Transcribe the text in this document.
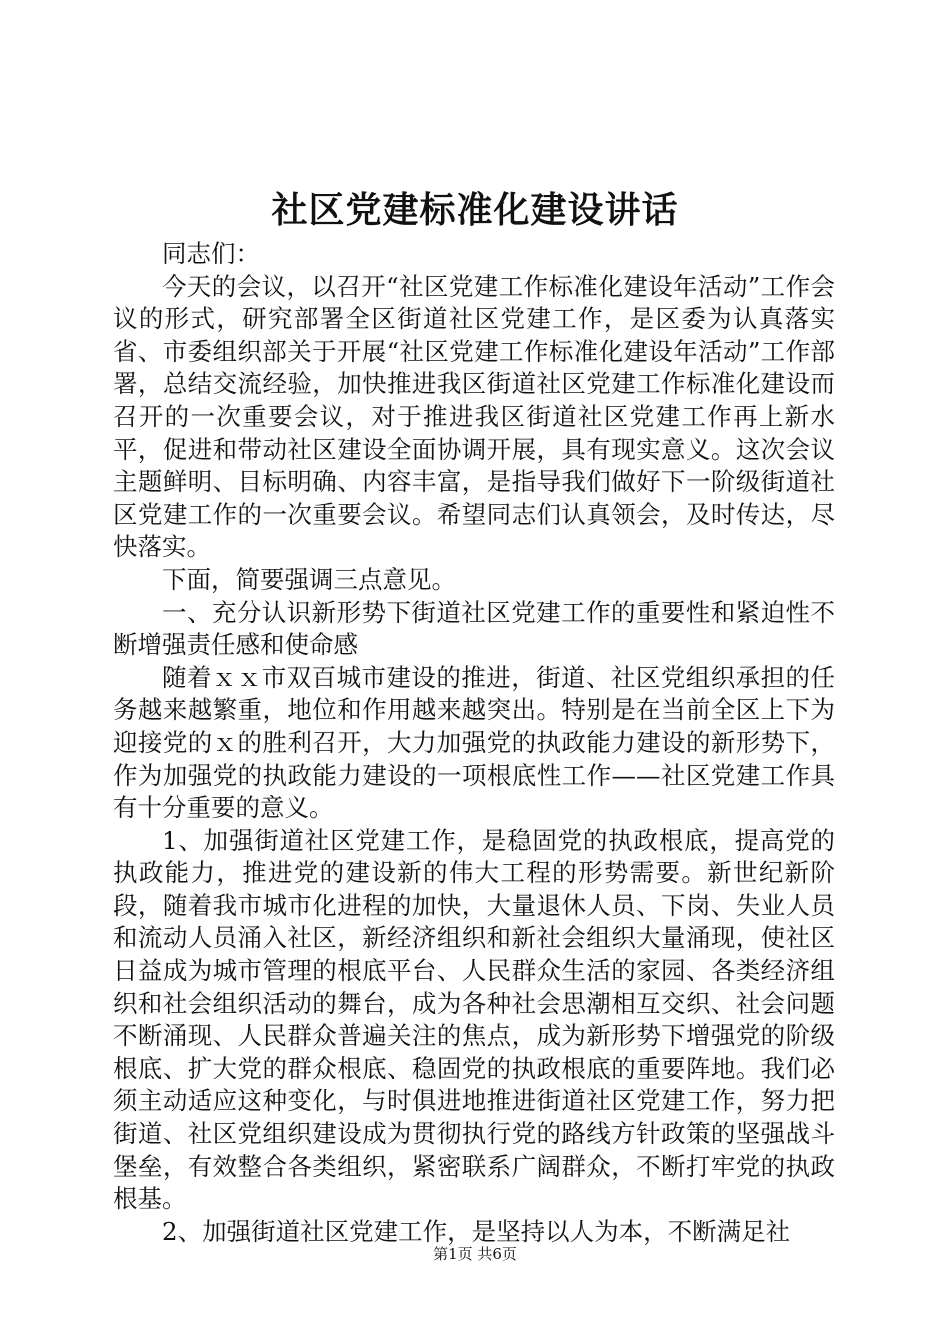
社区党建标准化建设讲话

同志们：

今天的会议，以召开“社区党建工作标准化建设年活动”工作会议的形式，研究部署全区街道社区党建工作，是区委为认真落实省、市委组织部关于开展“社区党建工作标准化建设年活动”工作部署，总结交流经验，加快推进我区街道社区党建工作标准化建设而召开的一次重要会议，对于推进我区街道社区党建工作再上新水平，促进和带动社区建设全面协调开展，具有现实意义。这次会议主题鲜明、目标明确、内容丰富，是指导我们做好下一阶级街道社区党建工作的一次重要会议。希望同志们认真领会，及时传达，尽快落实。

下面，简要强调三点意见。

一、充分认识新形势下街道社区党建工作的重要性和紧迫性不断增强责任感和使命感

随着ｘｘ市双百城市建设的推进，街道、社区党组织承担的任务越来越繁重，地位和作用越来越突出。特别是在当前全区上下为迎接党的ｘ的胜利召开，大力加强党的执政能力建设的新形势下，作为加强党的执政能力建设的一项根底性工作——社区党建工作具有十分重要的意义。

1、加强街道社区党建工作，是稳固党的执政根底，提高党的执政能力，推进党的建设新的伟大工程的形势需要。新世纪新阶段，随着我市城市化进程的加快，大量退休人员、下岗、失业人员和流动人员涌入社区，新经济组织和新社会组织大量涌现，使社区日益成为城市管理的根底平台、人民群众生活的家园、各类经济组织和社会组织活动的舞台，成为各种社会思潮相互交织、社会问题不断涌现、人民群众普遍关注的焦点，成为新形势下增强党的阶级根底、扩大党的群众根底、稳固党的执政根底的重要阵地。我们必须主动适应这种变化，与时俱进地推进街道社区党建工作，努力把街道、社区党组织建设成为贯彻执行党的路线方针政策的坚强战斗堡垒，有效整合各类组织，紧密联系广阔群众，不断打牢党的执政根基。

2、加强街道社区党建工作，是坚持以人为本，不断满足社

第1页 共6页
